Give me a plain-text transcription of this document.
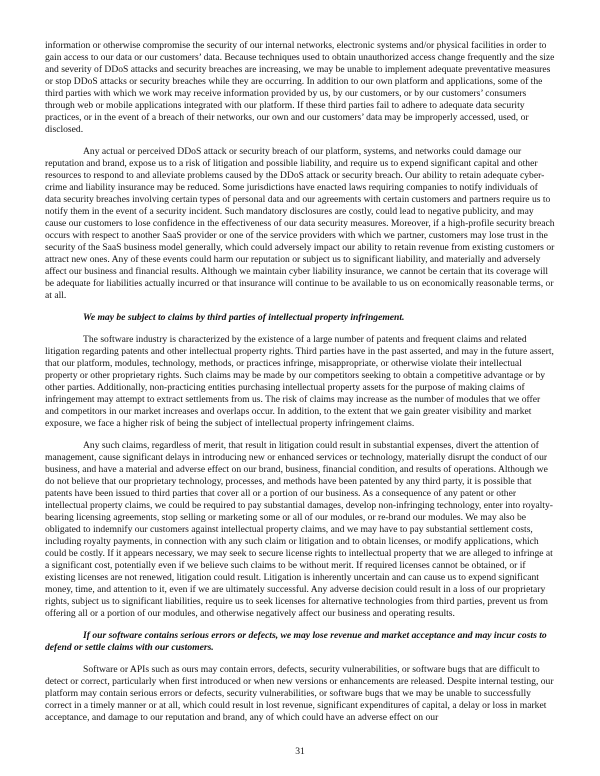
information or otherwise compromise the security of our internal networks, electronic systems and/or physical facilities in order to gain access to our data or our customers’ data. Because techniques used to obtain unauthorized access change frequently and the size and severity of DDoS attacks and security breaches are increasing, we may be unable to implement adequate preventative measures or stop DDoS attacks or security breaches while they are occurring. In addition to our own platform and applications, some of the third parties with which we work may receive information provided by us, by our customers, or by our customers’ consumers through web or mobile applications integrated with our platform. If these third parties fail to adhere to adequate data security practices, or in the event of a breach of their networks, our own and our customers’ data may be improperly accessed, used, or disclosed.

Any actual or perceived DDoS attack or security breach of our platform, systems, and networks could damage our reputation and brand, expose us to a risk of litigation and possible liability, and require us to expend significant capital and other resources to respond to and alleviate problems caused by the DDoS attack or security breach. Our ability to retain adequate cyber-crime and liability insurance may be reduced. Some jurisdictions have enacted laws requiring companies to notify individuals of data security breaches involving certain types of personal data and our agreements with certain customers and partners require us to notify them in the event of a security incident. Such mandatory disclosures are costly, could lead to negative publicity, and may cause our customers to lose confidence in the effectiveness of our data security measures. Moreover, if a high-profile security breach occurs with respect to another SaaS provider or one of the service providers with which we partner, customers may lose trust in the security of the SaaS business model generally, which could adversely impact our ability to retain revenue from existing customers or attract new ones. Any of these events could harm our reputation or subject us to significant liability, and materially and adversely affect our business and financial results. Although we maintain cyber liability insurance, we cannot be certain that its coverage will be adequate for liabilities actually incurred or that insurance will continue to be available to us on economically reasonable terms, or at all.

We may be subject to claims by third parties of intellectual property infringement.

The software industry is characterized by the existence of a large number of patents and frequent claims and related litigation regarding patents and other intellectual property rights. Third parties have in the past asserted, and may in the future assert, that our platform, modules, technology, methods, or practices infringe, misappropriate, or otherwise violate their intellectual property or other proprietary rights. Such claims may be made by our competitors seeking to obtain a competitive advantage or by other parties. Additionally, non-practicing entities purchasing intellectual property assets for the purpose of making claims of infringement may attempt to extract settlements from us. The risk of claims may increase as the number of modules that we offer and competitors in our market increases and overlaps occur. In addition, to the extent that we gain greater visibility and market exposure, we face a higher risk of being the subject of intellectual property infringement claims.

Any such claims, regardless of merit, that result in litigation could result in substantial expenses, divert the attention of management, cause significant delays in introducing new or enhanced services or technology, materially disrupt the conduct of our business, and have a material and adverse effect on our brand, business, financial condition, and results of operations. Although we do not believe that our proprietary technology, processes, and methods have been patented by any third party, it is possible that patents have been issued to third parties that cover all or a portion of our business. As a consequence of any patent or other intellectual property claims, we could be required to pay substantial damages, develop non-infringing technology, enter into royalty-bearing licensing agreements, stop selling or marketing some or all of our modules, or re-brand our modules. We may also be obligated to indemnify our customers against intellectual property claims, and we may have to pay substantial settlement costs, including royalty payments, in connection with any such claim or litigation and to obtain licenses, or modify applications, which could be costly. If it appears necessary, we may seek to secure license rights to intellectual property that we are alleged to infringe at a significant cost, potentially even if we believe such claims to be without merit. If required licenses cannot be obtained, or if existing licenses are not renewed, litigation could result. Litigation is inherently uncertain and can cause us to expend significant money, time, and attention to it, even if we are ultimately successful. Any adverse decision could result in a loss of our proprietary rights, subject us to significant liabilities, require us to seek licenses for alternative technologies from third parties, prevent us from offering all or a portion of our modules, and otherwise negatively affect our business and operating results.

If our software contains serious errors or defects, we may lose revenue and market acceptance and may incur costs to defend or settle claims with our customers.

Software or APIs such as ours may contain errors, defects, security vulnerabilities, or software bugs that are difficult to detect or correct, particularly when first introduced or when new versions or enhancements are released. Despite internal testing, our platform may contain serious errors or defects, security vulnerabilities, or software bugs that we may be unable to successfully correct in a timely manner or at all, which could result in lost revenue, significant expenditures of capital, a delay or loss in market acceptance, and damage to our reputation and brand, any of which could have an adverse effect on our

31
